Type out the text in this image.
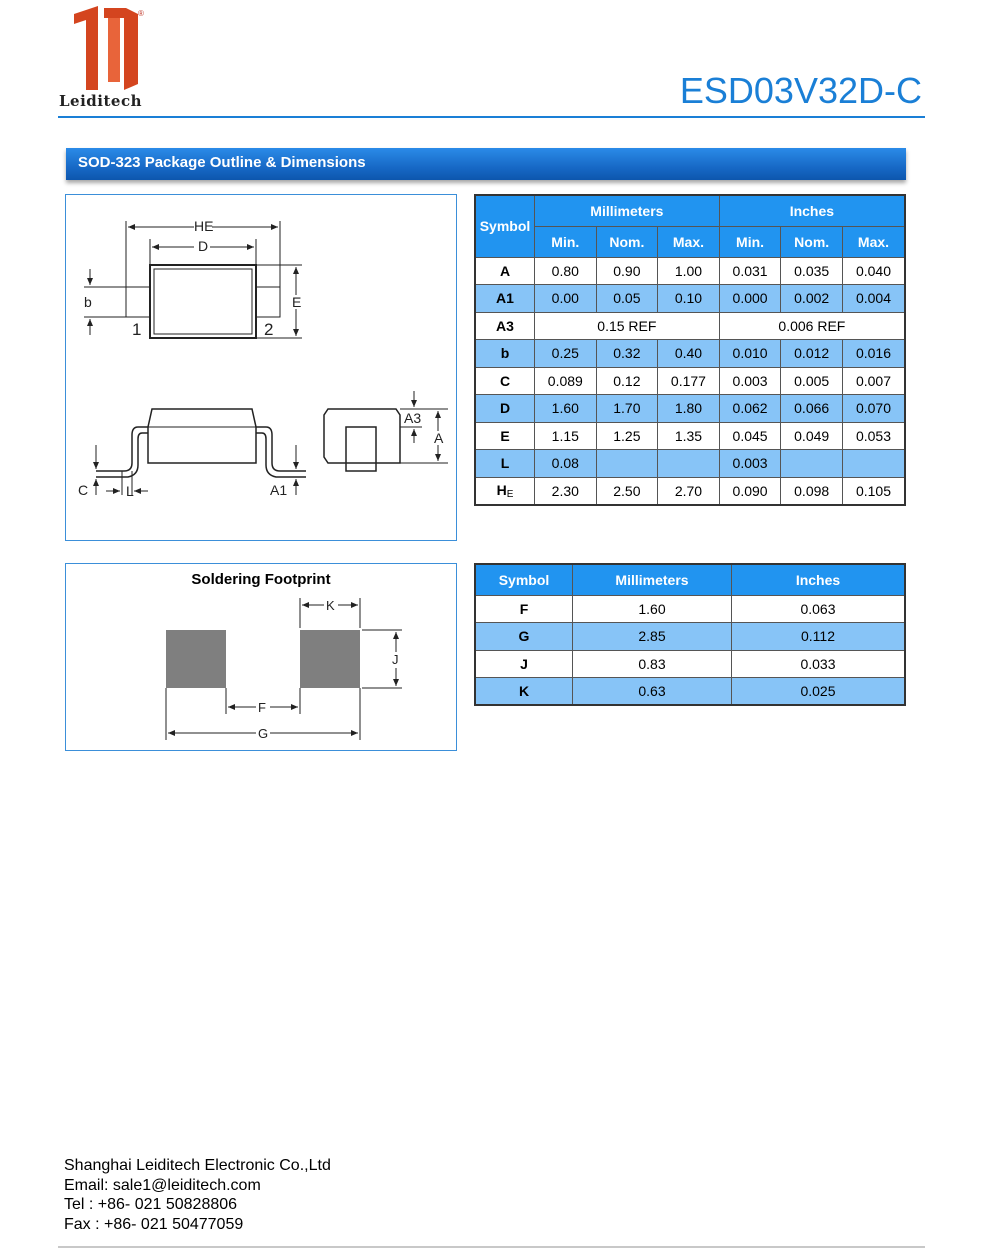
®
Leiditech	ESD03V32D-C
SOD-323 Package Outline & Dimensions
HE
D
b	E
1	2
A3
A
C	L	A1
Symbol	Millimeters			Inches		
	Min.	Nom.	Max.	Min.	Nom.	Max.
A	0.80	0.90	1.00	0.031	0.035	0.040
A1	0.00	0.05	0.10	0.000	0.002	0.004
A3	0.15 REF			0.006 REF		
b	0.25	0.32	0.40	0.010	0.012	0.016
C	0.089	0.12	0.177	0.003	0.005	0.007
D	1.60	1.70	1.80	0.062	0.066	0.070
E	1.15	1.25	1.35	0.045	0.049	0.053
L	0.08			0.003		
HE	2.30	2.50	2.70	0.090	0.098	0.105
Soldering Footprint
K
J
F
G
Symbol	Millimeters	Inches
F	1.60	0.063
G	2.85	0.112
J	0.83	0.033
K	0.63	0.025
Shanghai Leiditech Electronic Co.,Ltd
Email: sale1@leiditech.com
Tel : +86- 021 50828806
Fax : +86- 021 50477059
